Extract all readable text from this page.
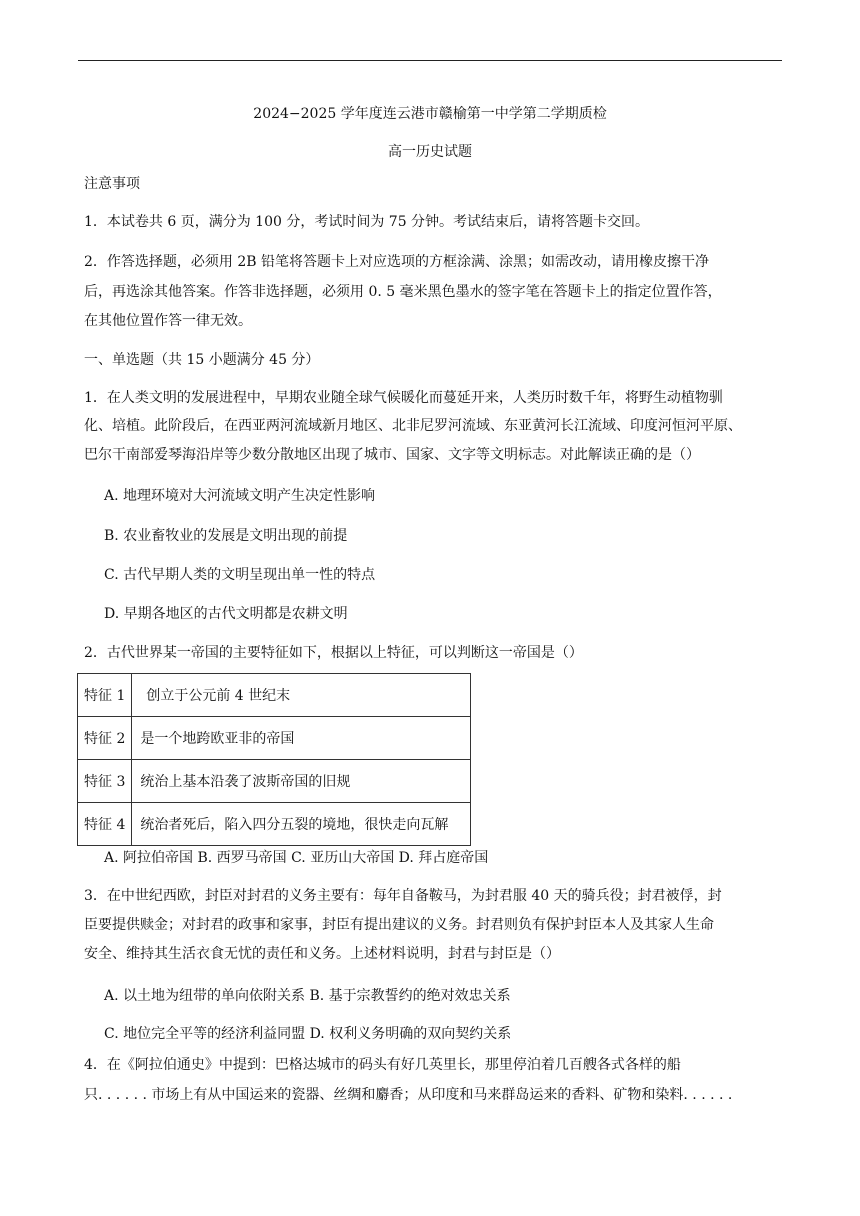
2024−2025 学年度连云港市赣榆第一中学第二学期质检
高一历史试题
注意事项
1．本试卷共 6 页，满分为 100 分，考试时间为 75 分钟。考试结束后，请将答题卡交回。
2．作答选择题，必须用 2B 铅笔将答题卡上对应选项的方框涂满、涂黑；如需改动，请用橡皮擦干净
后，再选涂其他答案。作答非选择题，必须用 0. 5 毫米黑色墨水的签字笔在答题卡上的指定位置作答，
在其他位置作答一律无效。
一、单选题（共 15 小题满分 45 分）
1．在人类文明的发展进程中，早期农业随全球气候暖化而蔓延开来，人类历时数千年，将野生动植物驯
化、培植。此阶段后，在西亚两河流域新月地区、北非尼罗河流域、东亚黄河长江流域、印度河恒河平原、
巴尔干南部爱琴海沿岸等少数分散地区出现了城市、国家、文字等文明标志。对此解读正确的是（）
A. 地理环境对大河流域文明产生决定性影响
B. 农业畜牧业的发展是文明出现的前提
C. 古代早期人类的文明呈现出单一性的特点
D. 早期各地区的古代文明都是农耕文明
2．古代世界某一帝国的主要特征如下，根据以上特征，可以判断这一帝国是（）
特征 1	创立于公元前 4 世纪末
特征 2	是一个地跨欧亚非的帝国
特征 3	统治上基本沿袭了波斯帝国的旧规
特征 4	统治者死后，陷入四分五裂的境地，很快走向瓦解
A. 阿拉伯帝国 B. 西罗马帝国 C. 亚历山大帝国 D. 拜占庭帝国
3．在中世纪西欧，封臣对封君的义务主要有：每年自备鞍马，为封君服 40 天的骑兵役；封君被俘，封
臣要提供赎金；对封君的政事和家事，封臣有提出建议的义务。封君则负有保护封臣本人及其家人生命
安全、维持其生活衣食无忧的责任和义务。上述材料说明，封君与封臣是（）
A. 以土地为纽带的单向依附关系 B. 基于宗教誓约的绝对效忠关系
C. 地位完全平等的经济利益同盟 D. 权利义务明确的双向契约关系
4．在《阿拉伯通史》中提到：巴格达城市的码头有好几英里长，那里停泊着几百艘各式各样的船
只. . . . . . 市场上有从中国运来的瓷器、丝绸和麝香；从印度和马来群岛运来的香料、矿物和染料. . . . . .
